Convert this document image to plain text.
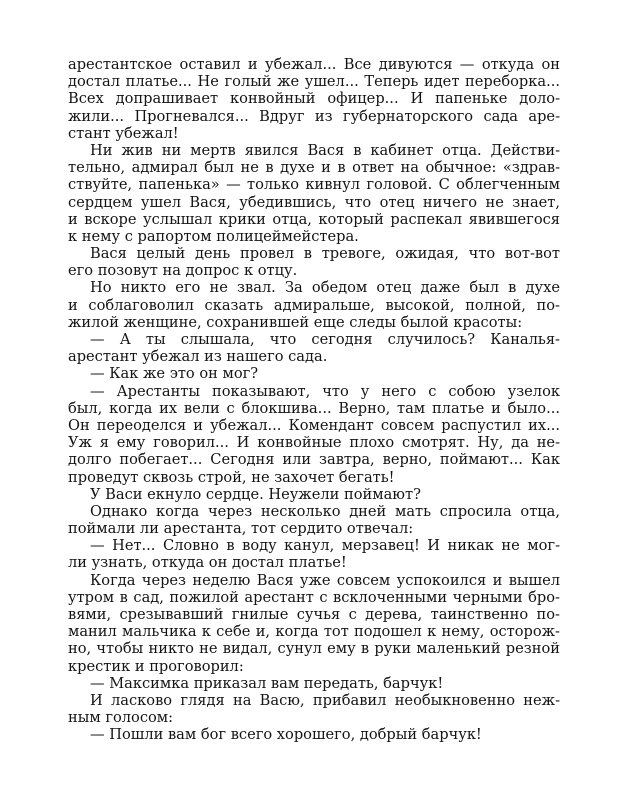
арестантское оставил и убежал... Все дивуются — откуда он
достал платье... Не голый же ушел... Теперь идет переборка...
Всех допрашивает конвойный офицер... И папеньке доло-
жили... Прогневался... Вдруг из губернаторского сада аре-
стант убежал!
Ни жив ни мертв явился Вася в кабинет отца. Действи-
тельно, адмирал был не в духе и в ответ на обычное: «здрав-
ствуйте, папенька» — только кивнул головой. С облегченным
сердцем ушел Вася, убедившись, что отец ничего не знает,
и вскоре услышал крики отца, который распекал явившегося
к нему с рапортом полицеймейстера.
Вася целый день провел в тревоге, ожидая, что вот-вот
его позовут на допрос к отцу.
Но никто его не звал. За обедом отец даже был в духе
и соблаговолил сказать адмиральше, высокой, полной, по-
жилой женщине, сохранившей еще следы былой красоты:
— А ты слышала, что сегодня случилось? Каналья-
арестант убежал из нашего сада.
— Как же это он мог?
— Арестанты показывают, что у него с собою узелок
был, когда их вели с блокшива... Верно, там платье и было...
Он переоделся и убежал... Комендант совсем распустил их...
Уж я ему говорил... И конвойные плохо смотрят. Ну, да не-
долго побегает... Сегодня или завтра, верно, поймают... Как
проведут сквозь строй, не захочет бегать!
У Васи екнуло сердце. Неужели поймают?
Однако когда через несколько дней мать спросила отца,
поймали ли арестанта, тот сердито отвечал:
— Нет... Словно в воду канул, мерзавец! И никак не мог-
ли узнать, откуда он достал платье!
Когда через неделю Вася уже совсем успокоился и вышел
утром в сад, пожилой арестант с всклоченными черными бро-
вями, срезывавший гнилые сучья с дерева, таинственно по-
манил мальчика к себе и, когда тот подошел к нему, осторож-
но, чтобы никто не видал, сунул ему в руки маленький резной
крестик и проговорил:
— Максимка приказал вам передать, барчук!
И ласково глядя на Васю, прибавил необыкновенно неж-
ным голосом:
— Пошли вам бог всего хорошего, добрый барчук!
